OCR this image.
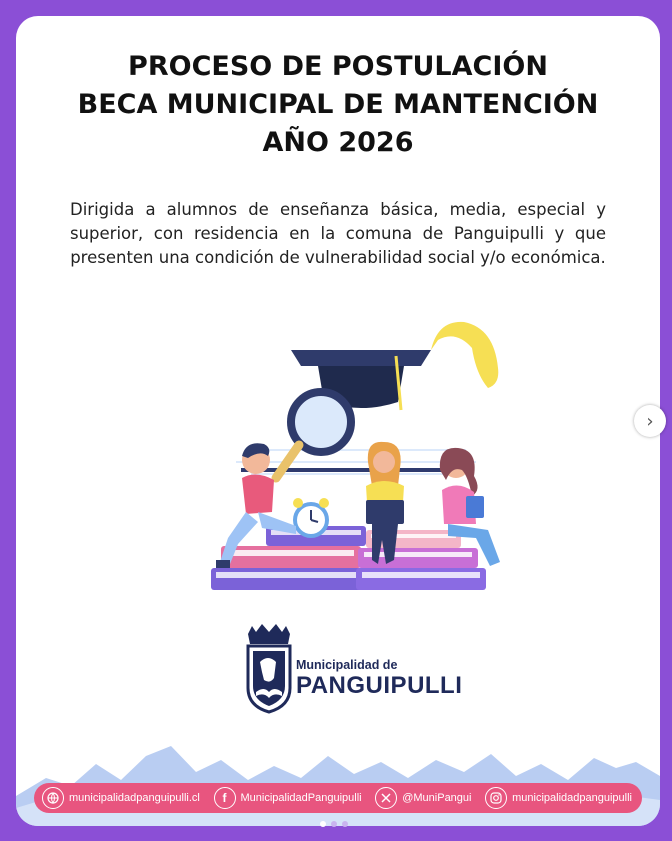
PROCESO DE POSTULACIÓN
BECA MUNICIPAL DE MANTENCIÓN
AÑO 2026
Dirigida a alumnos de enseñanza básica, media, especial y superior, con residencia en la comuna de Panguipulli y que presenten una condición de vulnerabilidad social y/o económica.
Municipalidad de
PANGUIPULLI
municipalidadpanguipulli.cl f MunicipalidadPanguipulli	@MuniPangui	municipalidadpanguipulli
›
